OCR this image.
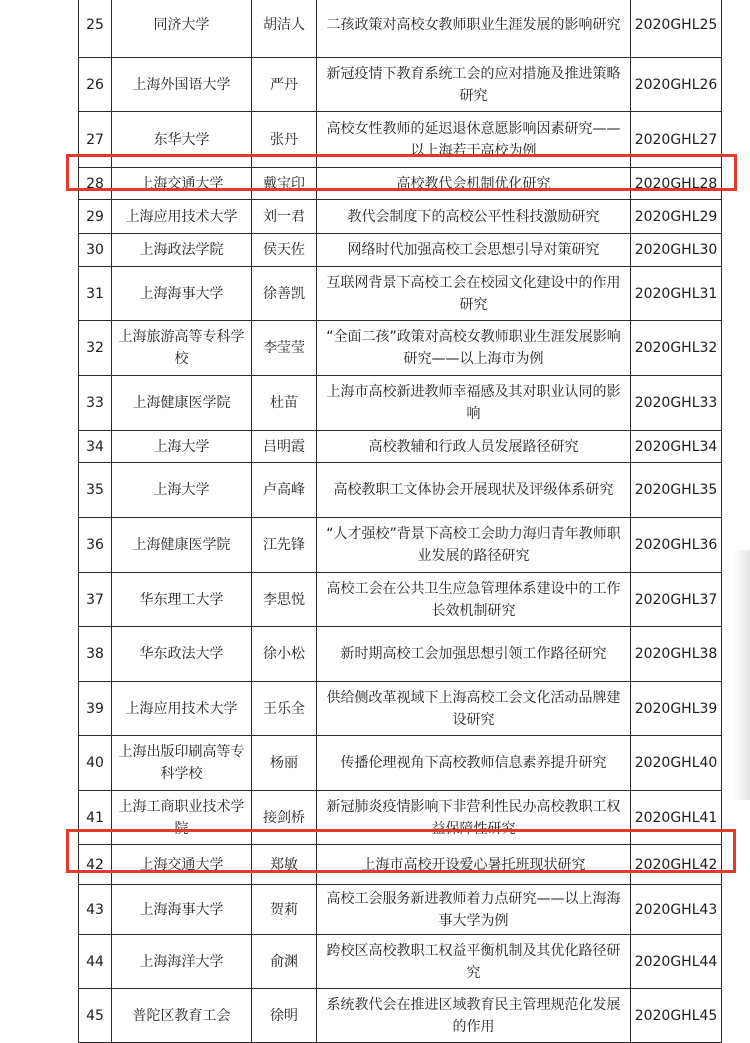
25	同济大学	胡洁人	二孩政策对高校女教师职业生涯发展的影响研究	2020GHL25
26	上海外国语大学	严丹	新冠疫情下教育系统工会的应对措施及推进策略研究	2020GHL26
27	东华大学	张丹	高校女性教师的延迟退休意愿影响因素研究——以上海若干高校为例	2020GHL27
28	上海交通大学	戴宝印	高校教代会机制优化研究	2020GHL28
29	上海应用技术大学	刘一君	教代会制度下的高校公平性科技激励研究	2020GHL29
30	上海政法学院	侯天佐	网络时代加强高校工会思想引导对策研究	2020GHL30
31	上海海事大学	徐善凯	互联网背景下高校工会在校园文化建设中的作用研究	2020GHL31
32	上海旅游高等专科学校	李莹莹	“全面二孩”政策对高校女教师职业生涯发展影响研究——以上海市为例	2020GHL32
33	上海健康医学院	杜苗	上海市高校新进教师幸福感及其对职业认同的影响	2020GHL33
34	上海大学	吕明霞	高校教辅和行政人员发展路径研究	2020GHL34
35	上海大学	卢高峰	高校教职工文体协会开展现状及评级体系研究	2020GHL35
36	上海健康医学院	江先锋	“人才强校”背景下高校工会助力海归青年教师职业发展的路径研究	2020GHL36
37	华东理工大学	李思悦	高校工会在公共卫生应急管理体系建设中的工作长效机制研究	2020GHL37
38	华东政法大学	徐小松	新时期高校工会加强思想引领工作路径研究	2020GHL38
39	上海应用技术大学	王乐全	供给侧改革视域下上海高校工会文化活动品牌建设研究	2020GHL39
40	上海出版印刷高等专科学校	杨丽	传播伦理视角下高校教师信息素养提升研究	2020GHL40
41	上海工商职业技术学院	接剑桥	新冠肺炎疫情影响下非营利性民办高校教职工权益保障性研究	2020GHL41
42	上海交通大学	郑敏	上海市高校开设爱心暑托班现状研究	2020GHL42
43	上海海事大学	贺莉	高校工会服务新进教师着力点研究——以上海海事大学为例	2020GHL43
44	上海海洋大学	俞渊	跨校区高校教职工权益平衡机制及其优化路径研究	2020GHL44
45	普陀区教育工会	徐明	系统教代会在推进区域教育民主管理规范化发展的作用	2020GHL45
